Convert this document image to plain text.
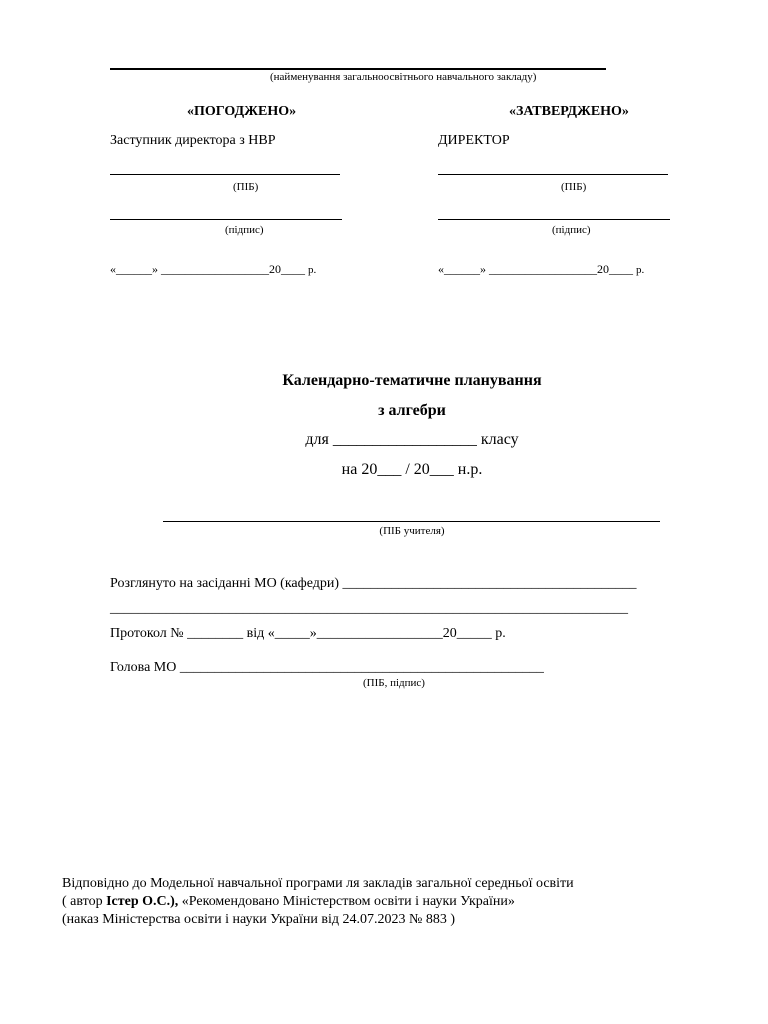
(найменування загальноосвітнього навчального закладу)
«ПОГОДЖЕНО»
Заступник директора з НВР
(ПІБ)
(підпис)
«______» __________________20____ р.
«ЗАТВЕРДЖЕНО»
ДИРЕКТОР
(ПІБ)
(підпис)
«______» __________________20____ р.
Календарно-тематичне планування
з алгебри
для __________________ класу
на 20___ / 20___ н.р.
(ПІБ учителя)
Розглянуто на засіданні МО (кафедри) __________________________________________
__________________________________________________________________________
Протокол № ________ від «_____»__________________20_____ р.
Голова МО ____________________________________________________
(ПІБ, підпис)
Відповідно до Модельної навчальної програми ля закладів загальної середньої освіти
( автор Істер О.С.), «Рекомендовано Міністерством освіти і науки України»
(наказ Міністерства освіти і науки України від 24.07.2023 № 883 )
